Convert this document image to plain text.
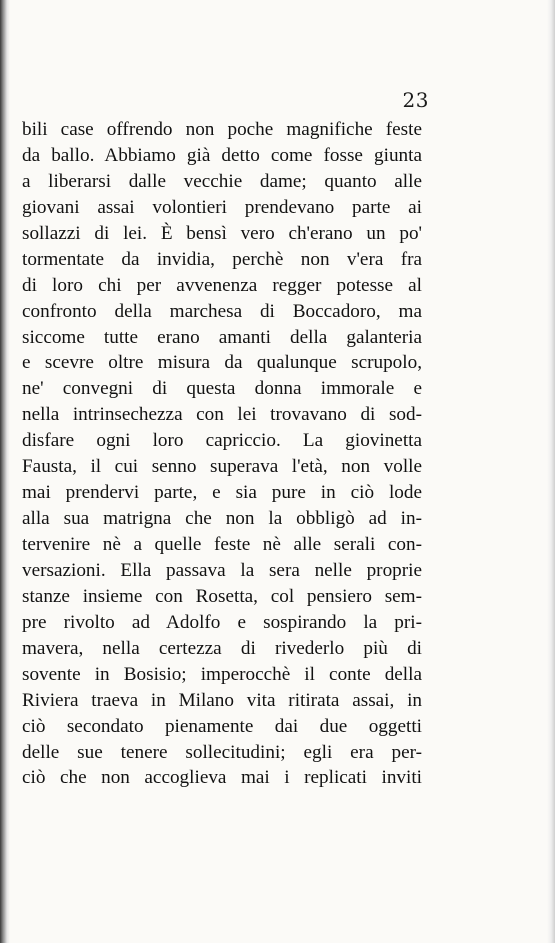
23
bili case offrendo non poche magnifiche feste
da ballo. Abbiamo già detto come fosse giunta
a liberarsi dalle vecchie dame; quanto alle
giovani assai volontieri prendevano parte ai
sollazzi di lei. È bensì vero ch'erano un po'
tormentate da invidia, perchè non v'era fra
di loro chi per avvenenza regger potesse al
confronto della marchesa di Boccadoro, ma
siccome tutte erano amanti della galanteria
e scevre oltre misura da qualunque scrupolo,
ne' convegni di questa donna immorale e
nella intrinsechezza con lei trovavano di sod-
disfare ogni loro capriccio. La giovinetta
Fausta, il cui senno superava l'età, non volle
mai prendervi parte, e sia pure in ciò lode
alla sua matrigna che non la obbligò ad in-
tervenire nè a quelle feste nè alle serali con-
versazioni. Ella passava la sera nelle proprie
stanze insieme con Rosetta, col pensiero sem-
pre rivolto ad Adolfo e sospirando la pri-
mavera, nella certezza di rivederlo più di
sovente in Bosisio; imperocchè il conte della
Riviera traeva in Milano vita ritirata assai, in
ciò secondato pienamente dai due oggetti
delle sue tenere sollecitudini; egli era per-
ciò che non accoglieva mai i replicati inviti
